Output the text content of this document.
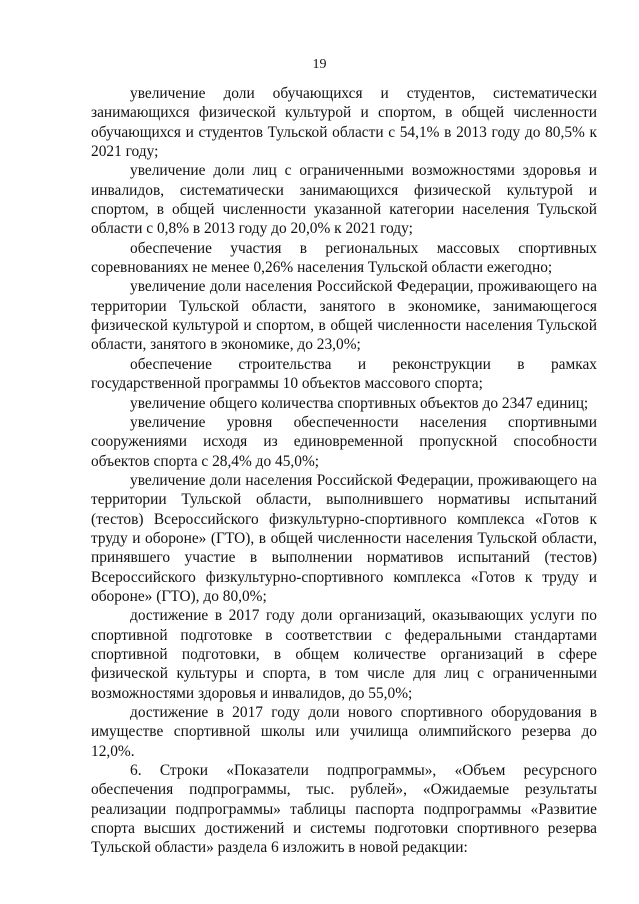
19

увеличение доли обучающихся и студентов, систематически занимающихся физической культурой и спортом, в общей численности обучающихся и студентов Тульской области с 54,1% в 2013 году до 80,5% к 2021 году;

увеличение доли лиц с ограниченными возможностями здоровья и инвалидов, систематически занимающихся физической культурой и спортом, в общей численности указанной категории населения Тульской области с 0,8% в 2013 году до 20,0% к 2021 году;

обеспечение участия в региональных массовых спортивных соревнованиях не менее 0,26% населения Тульской области ежегодно;

увеличение доли населения Российской Федерации, проживающего на территории Тульской области, занятого в экономике, занимающегося физической культурой и спортом, в общей численности населения Тульской области, занятого в экономике, до 23,0%;

обеспечение строительства и реконструкции в рамках государственной программы 10 объектов массового спорта;

увеличение общего количества спортивных объектов до 2347 единиц;

увеличение уровня обеспеченности населения спортивными сооружениями исходя из единовременной пропускной способности объектов спорта с 28,4% до 45,0%;

увеличение доли населения Российской Федерации, проживающего на территории Тульской области, выполнившего нормативы испытаний (тестов) Всероссийского физкультурно-спортивного комплекса «Готов к труду и обороне» (ГТО), в общей численности населения Тульской области, принявшего участие в выполнении нормативов испытаний (тестов) Всероссийского физкультурно-спортивного комплекса «Готов к труду и обороне» (ГТО), до 80,0%;

достижение в 2017 году доли организаций, оказывающих услуги по спортивной подготовке в соответствии с федеральными стандартами спортивной подготовки, в общем количестве организаций в сфере физической культуры и спорта, в том числе для лиц с ограниченными возможностями здоровья и инвалидов, до 55,0%;

достижение в 2017 году доли нового спортивного оборудования в имуществе спортивной школы или училища олимпийского резерва до 12,0%.

6. Строки «Показатели подпрограммы», «Объем ресурсного обеспечения подпрограммы, тыс. рублей», «Ожидаемые результаты реализации подпрограммы» таблицы паспорта подпрограммы «Развитие спорта высших достижений и системы подготовки спортивного резерва Тульской области» раздела 6 изложить в новой редакции:
